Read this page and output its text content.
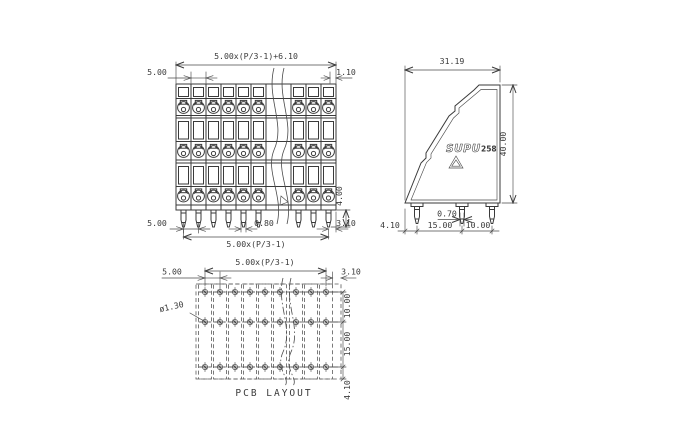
5.00x(P/3-1)+6.10
5.00	1.10
5.00	0.80	3.10
5.00x(P/3-1)
4.00
SUPU 258
31.19
40.00
0.70
4.10	15.00 10.00
5.00x(P/3-1)
5.00	3.10
10.00
15.00
4.10
ø1.30
PCB LAYOUT
